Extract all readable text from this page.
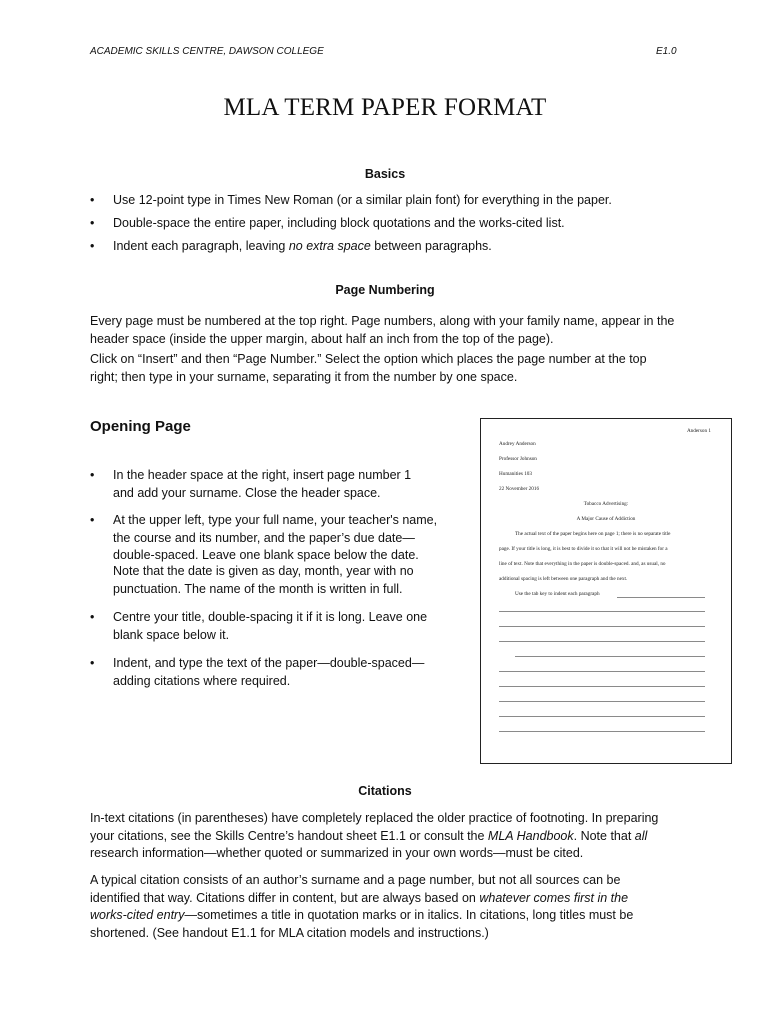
ACADEMIC SKILLS CENTRE, DAWSON COLLEGE	E1.0
MLA TERM PAPER FORMAT
Basics
• Use 12-point type in Times New Roman (or a similar plain font) for everything in the paper.
• Double-space the entire paper, including block quotations and the works-cited list.
• Indent each paragraph, leaving no extra space between paragraphs.
Page Numbering
Every page must be numbered at the top right. Page numbers, along with your family name, appear in the
header space (inside the upper margin, about half an inch from the top of the page).
Click on “Insert” and then “Page Number.” Select the option which places the page number at the top
right; then type in your surname, separating it from the number by one space.
Opening Page
• In the header space at the right, insert page number 1
and add your surname. Close the header space.
• At the upper left, type your full name, your teacher's name,
the course and its number, and the paper’s due date—
double-spaced. Leave one blank space below the date.
Note that the date is given as day, month, year with no
punctuation. The name of the month is written in full.
• Centre your title, double-spacing it if it is long. Leave one
blank space below it.
• Indent, and type the text of the paper—double-spaced—
adding citations where required.
Anderson 1
Audrey Anderson
Professor Johnson
Humanities 103
22 November 2016
Tobacco Advertising:
A Major Cause of Addiction
The actual text of the paper begins here on page 1; there is no separate title
page. If your title is long, it is best to divide it so that it will not be mistaken for a
line of text. Note that everything in the paper is double-spaced. and, as usual, no
additional spacing is left between one paragraph and the next.
Use the tab key to indent each paragraph
Citations
In-text citations (in parentheses) have completely replaced the older practice of footnoting. In preparing
your citations, see the Skills Centre’s handout sheet E1.1 or consult the MLA Handbook. Note that all
research information—whether quoted or summarized in your own words—must be cited.
A typical citation consists of an author’s surname and a page number, but not all sources can be
identified that way. Citations differ in content, but are always based on whatever comes first in the
works-cited entry—sometimes a title in quotation marks or in italics. In citations, long titles must be
shortened. (See handout E1.1 for MLA citation models and instructions.)
